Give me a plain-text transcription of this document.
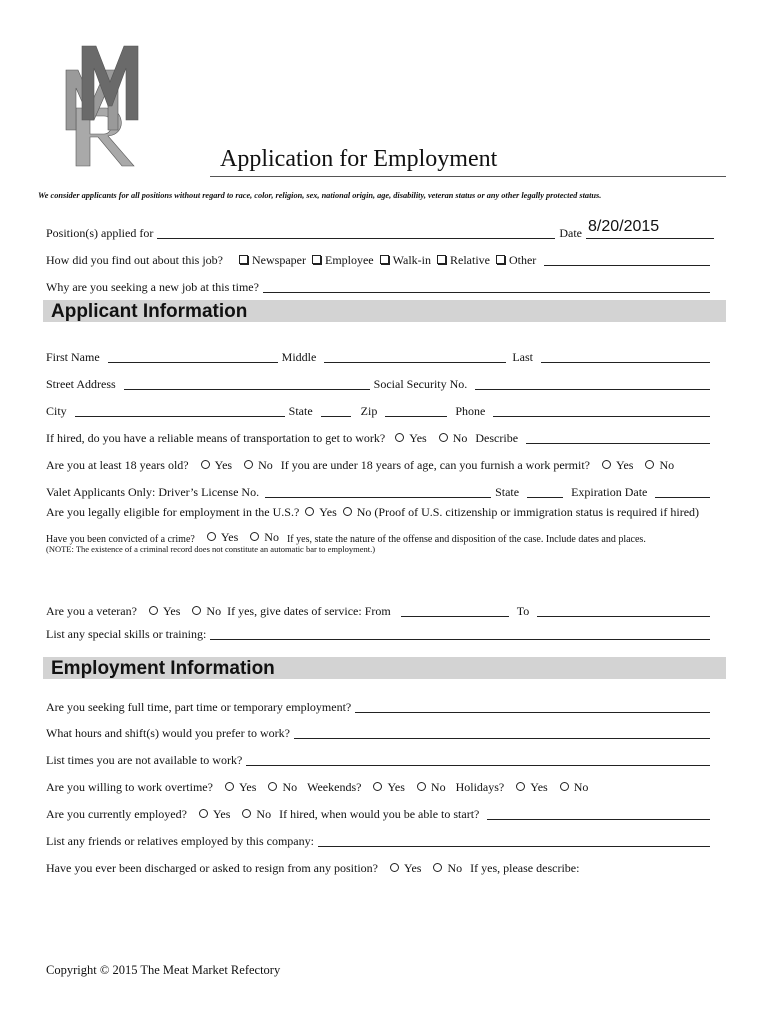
Application for Employment
We consider applicants for all positions without regard to race, color, religion, sex, national origin, age, disability, veteran status or any other legally protected status.
Position(s) applied for	Date 8/20/2015
How did you find out about this job? Newspaper Employee Walk-in Relative Other
Why are you seeking a new job at this time?
Applicant Information
First Name	Middle	Last
Street Address	Social Security No.
City	State	Zip	Phone
If hired, do you have a reliable means of transportation to get to work? Yes No Describe
Are you at least 18 years old? Yes No If you are under 18 years of age, can you furnish a work permit? Yes No
Valet Applicants Only: Driver’s License No.	State	Expiration Date
Are you legally eligible for employment in the U.S.? Yes No (Proof of U.S. citizenship or immigration status is required if hired)
Have you been convicted of a crime? Yes No If yes, state the nature of the offense and disposition of the case. Include dates and places.
(NOTE: The existence of a criminal record does not constitute an automatic bar to employment.)
Are you a veteran? Yes No If yes, give dates of service: From	To
List any special skills or training:
Employment Information
Are you seeking full time, part time or temporary employment?
What hours and shift(s) would you prefer to work?
List times you are not available to work?
Are you willing to work overtime? Yes No Weekends? Yes No Holidays? Yes No
Are you currently employed? Yes No If hired, when would you be able to start?
List any friends or relatives employed by this company:
Have you ever been discharged or asked to resign from any position? Yes No If yes, please describe:
Copyright © 2015 The Meat Market Refectory
